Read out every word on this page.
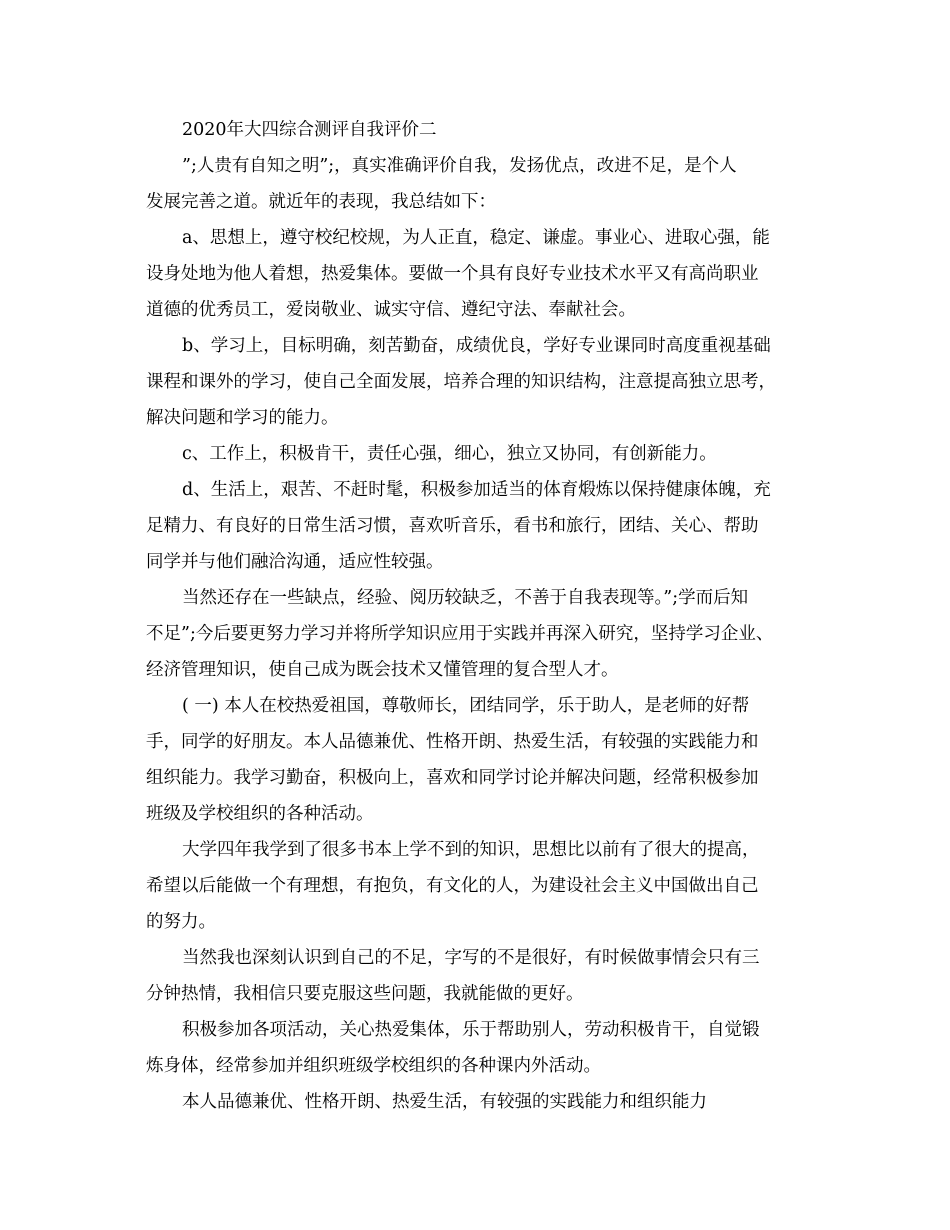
2020年大四综合测评自我评价二
”;人贵有自知之明”;，真实准确评价自我，发扬优点，改进不足，是个人
发展完善之道。就近年的表现，我总结如下：
a、思想上，遵守校纪校规，为人正直，稳定、谦虚。事业心、进取心强，能
设身处地为他人着想，热爱集体。要做一个具有良好专业技术水平又有高尚职业
道德的优秀员工，爱岗敬业、诚实守信、遵纪守法、奉献社会。
b、学习上，目标明确，刻苦勤奋，成绩优良，学好专业课同时高度重视基础
课程和课外的学习，使自己全面发展，培养合理的知识结构，注意提高独立思考，
解决问题和学习的能力。
c、工作上，积极肯干，责任心强，细心，独立又协同，有创新能力。
d、生活上，艰苦、不赶时髦，积极参加适当的体育煅炼以保持健康体魄，充
足精力、有良好的日常生活习惯，喜欢听音乐，看书和旅行，团结、关心、帮助
同学并与他们融洽沟通，适应性较强。
当然还存在一些缺点，经验、阅历较缺乏，不善于自我表现等。”;学而后知
不足”;今后要更努力学习并将所学知识应用于实践并再深入研究，坚持学习企业、
经济管理知识，使自己成为既会技术又懂管理的复合型人才。
( 一) 本人在校热爱祖国，尊敬师长，团结同学，乐于助人，是老师的好帮
手，同学的好朋友。本人品德兼优、性格开朗、热爱生活，有较强的实践能力和
组织能力。我学习勤奋，积极向上，喜欢和同学讨论并解决问题，经常积极参加
班级及学校组织的各种活动。
大学四年我学到了很多书本上学不到的知识，思想比以前有了很大的提高，
希望以后能做一个有理想，有抱负，有文化的人，为建设社会主义中国做出自己
的努力。
当然我也深刻认识到自己的不足，字写的不是很好，有时候做事情会只有三
分钟热情，我相信只要克服这些问题，我就能做的更好。
积极参加各项活动，关心热爱集体，乐于帮助别人，劳动积极肯干，自觉锻
炼身体，经常参加并组织班级学校组织的各种课内外活动。
本人品德兼优、性格开朗、热爱生活，有较强的实践能力和组织能力
